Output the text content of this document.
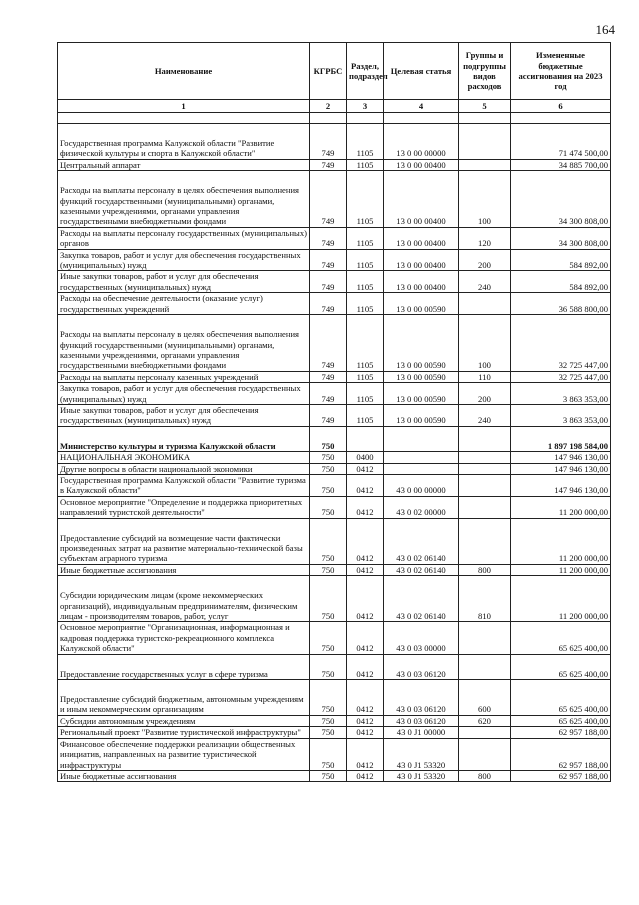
164
Наименование	КГРБС	Раздел, подраздел	Целевая статья	Группы и подгруппы видов расходов	Измененные бюджетные ассигнования на 2023 год
1	2	3	4	5	6

Государственная программа Калужской области "Развитие физической культуры и спорта в Калужской области"	749	1105	13 0 00 00000		71 474 500,00
Центральный аппарат	749	1105	13 0 00 00400		34 885 700,00
Расходы на выплаты персоналу в целях обеспечения выполнения функций государственными (муниципальными) органами, казенными учреждениями, органами управления государственными внебюджетными фондами	749	1105	13 0 00 00400	100	34 300 808,00
Расходы на выплаты персоналу государственных (муниципальных) органов	749	1105	13 0 00 00400	120	34 300 808,00
Закупка товаров, работ и услуг для обеспечения государственных (муниципальных) нужд	749	1105	13 0 00 00400	200	584 892,00
Иные закупки товаров, работ и услуг для обеспечения государственных (муниципальных) нужд	749	1105	13 0 00 00400	240	584 892,00
Расходы на обеспечение деятельности (оказание услуг) государственных учреждений	749	1105	13 0 00 00590		36 588 800,00
Расходы на выплаты персоналу в целях обеспечения выполнения функций государственными (муниципальными) органами, казенными учреждениями, органами управления государственными внебюджетными фондами	749	1105	13 0 00 00590	100	32 725 447,00
Расходы на выплаты персоналу казенных учреждений	749	1105	13 0 00 00590	110	32 725 447,00
Закупка товаров, работ и услуг для обеспечения государственных (муниципальных) нужд	749	1105	13 0 00 00590	200	3 863 353,00
Иные закупки товаров, работ и услуг для обеспечения государственных (муниципальных) нужд	749	1105	13 0 00 00590	240	3 863 353,00
Министерство культуры и туризма Калужской области	750				1 897 198 584,00
НАЦИОНАЛЬНАЯ ЭКОНОМИКА	750	0400			147 946 130,00
Другие вопросы в области национальной экономики	750	0412			147 946 130,00
Государственная программа Калужской области "Развитие туризма в Калужской области"	750	0412	43 0 00 00000		147 946 130,00
Основное мероприятие "Определение и поддержка приоритетных направлений туристской деятельности"	750	0412	43 0 02 00000		11 200 000,00
Предоставление субсидий на возмещение части фактически произведенных затрат на развитие материально-технической базы субъектам аграрного туризма	750	0412	43 0 02 06140		11 200 000,00
Иные бюджетные ассигнования	750	0412	43 0 02 06140	800	11 200 000,00
Субсидии юридическим лицам (кроме некоммерческих организаций), индивидуальным предпринимателям, физическим лицам - производителям товаров, работ, услуг	750	0412	43 0 02 06140	810	11 200 000,00
Основное мероприятие "Организационная, информационная и кадровая поддержка туристско-рекреационного комплекса Калужской области"	750	0412	43 0 03 00000		65 625 400,00
Предоставление государственных услуг в сфере туризма	750	0412	43 0 03 06120		65 625 400,00
Предоставление субсидий бюджетным, автономным учреждениям и иным некоммерческим организациям	750	0412	43 0 03 06120	600	65 625 400,00
Субсидии автономным учреждениям	750	0412	43 0 03 06120	620	65 625 400,00
Региональный проект "Развитие туристической инфраструктуры"	750	0412	43 0 J1 00000		62 957 188,00
Финансовое обеспечение поддержки реализации общественных инициатив, направленных на развитие туристической инфраструктуры	750	0412	43 0 J1 53320		62 957 188,00
Иные бюджетные ассигнования	750	0412	43 0 J1 53320	800	62 957 188,00
